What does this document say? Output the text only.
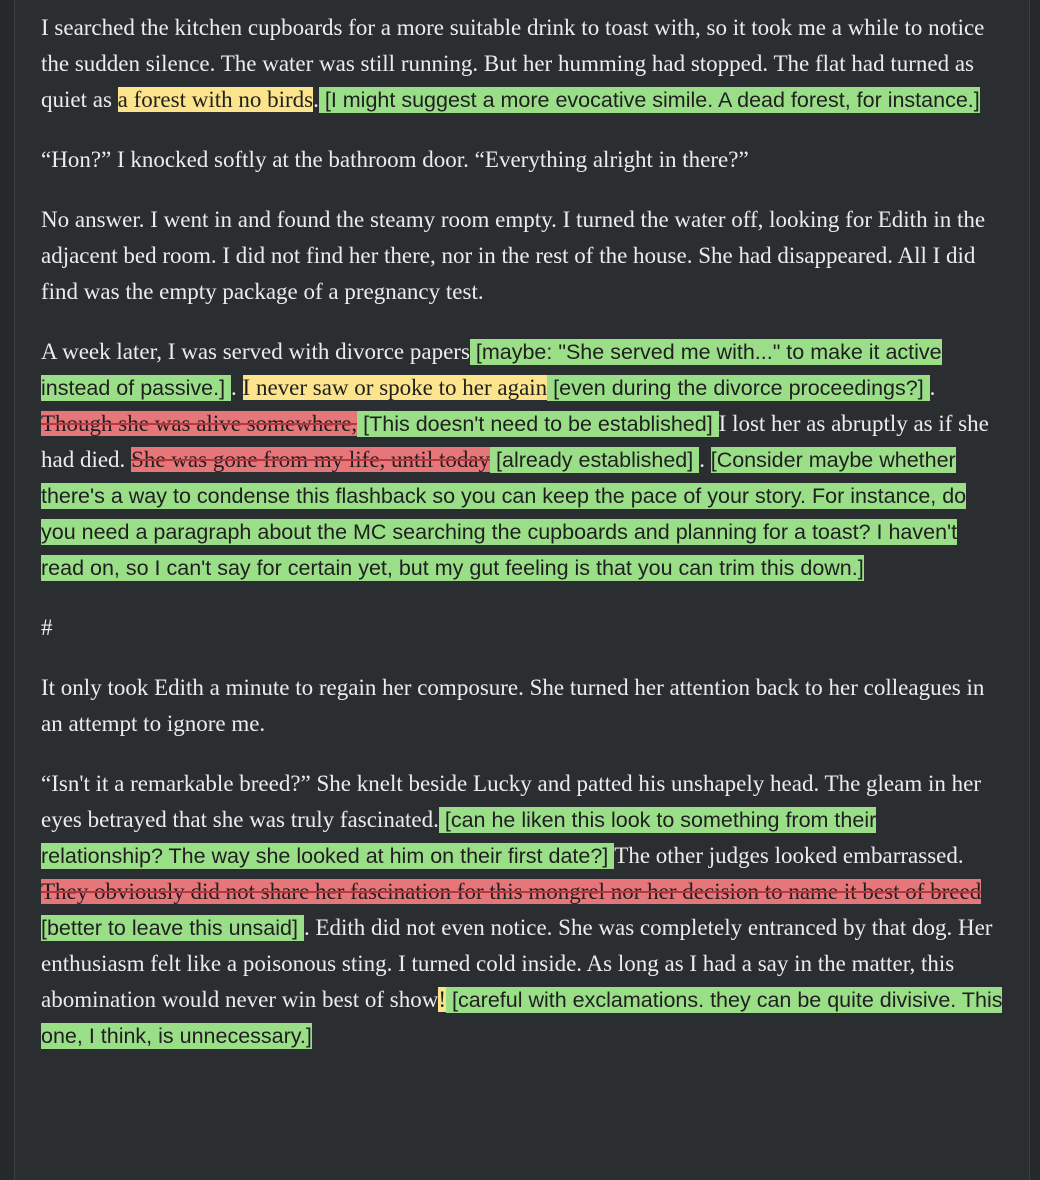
I searched the kitchen cupboards for a more suitable drink to toast with, so it took me a while to notice the sudden silence. The water was still running. But her humming had stopped. The flat had turned as quiet as a forest with no birds. [I might suggest a more evocative simile. A dead forest, for instance.]

“Hon?” I knocked softly at the bathroom door. “Everything alright in there?”

No answer. I went in and found the steamy room empty. I turned the water off, looking for Edith in the adjacent bed room. I did not find her there, nor in the rest of the house. She had disappeared. All I did find was the empty package of a pregnancy test.

A week later, I was served with divorce papers [maybe: "She served me with..." to make it active instead of passive.] . I never saw or spoke to her again [even during the divorce proceedings?] . Though she was alive somewhere, [This doesn't need to be established] I lost her as abruptly as if she had died. She was gone from my life, until today [already established] . [Consider maybe whether there's a way to condense this flashback so you can keep the pace of your story. For instance, do you need a paragraph about the MC searching the cupboards and planning for a toast? I haven't read on, so I can't say for certain yet, but my gut feeling is that you can trim this down.]

#

It only took Edith a minute to regain her composure. She turned her attention back to her colleagues in an attempt to ignore me.

“Isn't it a remarkable breed?” She knelt beside Lucky and patted his unshapely head. The gleam in her eyes betrayed that she was truly fascinated. [can he liken this look to something from their relationship? The way she looked at him on their first date?] The other judges looked embarrassed. They obviously did not share her fascination for this mongrel nor her decision to name it best of breed [better to leave this unsaid] . Edith did not even notice. She was completely entranced by that dog. Her enthusiasm felt like a poisonous sting. I turned cold inside. As long as I had a say in the matter, this abomination would never win best of show! [careful with exclamations. they can be quite divisive. This one, I think, is unnecessary.]
